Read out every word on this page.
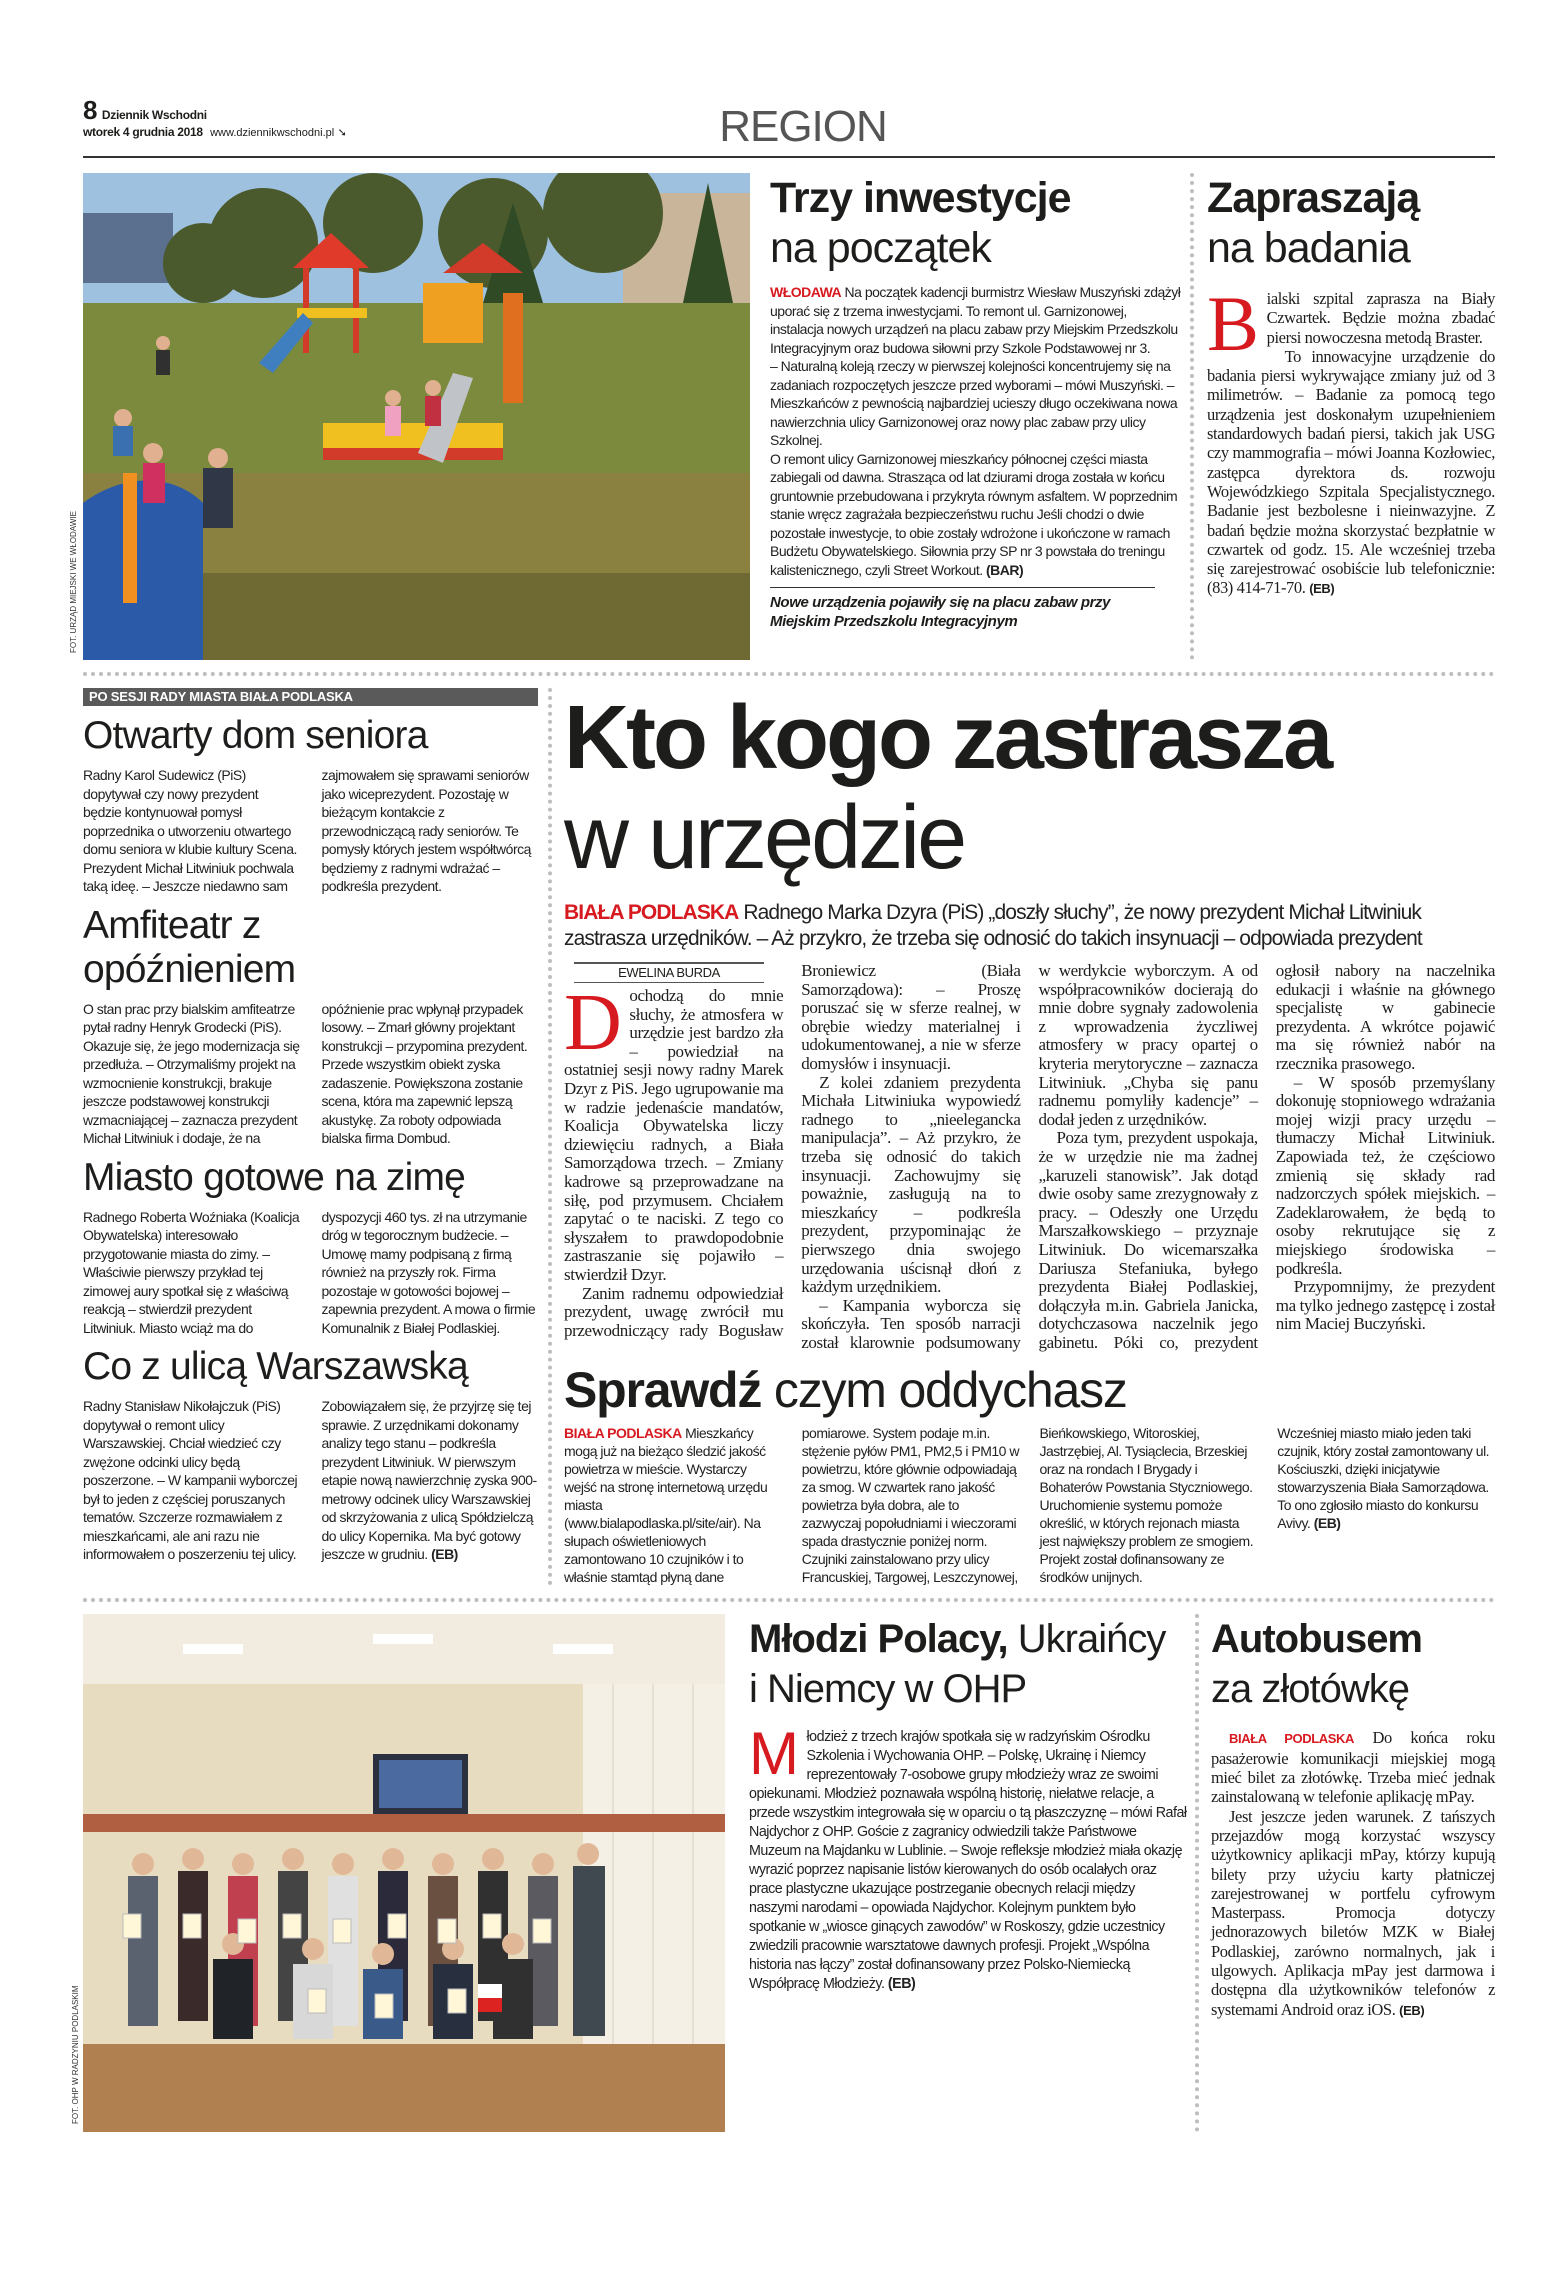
8 Dziennik Wschodni
wtorek 4 grudnia 2018 www.dziennikwschodni.pl ➘	REGION
FOT. URZĄD MIEJSKI WE WŁODAWIE
Trzy inwestycje
na początek

WŁODAWA Na początek kadencji burmistrz Wiesław Muszyński zdążył uporać się z trzema inwestycjami. To remont ul. Garnizonowej, instalacja nowych urządzeń na placu zabaw przy Miejskim Przedszkolu Integracyjnym oraz budowa siłowni przy Szkole Podstawowej nr 3.

– Naturalną koleją rzeczy w pierwszej kolejności koncentrujemy się na zadaniach rozpoczętych jeszcze przed wyborami – mówi Muszyński. – Mieszkańców z pewnością najbardziej ucieszy długo oczekiwana nowa nawierzchnia ulicy Garnizonowej oraz nowy plac zabaw przy ulicy Szkolnej.

O remont ulicy Garnizonowej mieszkańcy północnej części miasta zabiegali od dawna. Strasząca od lat dziurami droga została w końcu gruntownie przebudowana i przykryta równym asfaltem. W poprzednim stanie wręcz zagrażała bezpieczeństwu ruchu Jeśli chodzi o dwie pozostałe inwestycje, to obie zostały wdrożone i ukończone w ramach Budżetu Obywatelskiego. Siłownia przy SP nr 3 powstała do treningu kalistenicznego, czyli Street Workout. (BAR)

Nowe urządzenia pojawiły się na placu zabaw przy Miejskim Przedszkolu Integracyjnym
Zapraszają
na badania

Bialski szpital zaprasza na Biały Czwartek. Będzie można zbadać piersi nowoczesna metodą Braster.

To innowacyjne urządzenie do badania piersi wykrywające zmiany już od 3 milimetrów. – Badanie za pomocą tego urządzenia jest doskonałym uzupełnieniem standardowych badań piersi, takich jak USG czy mammografia – mówi Joanna Kozłowiec, zastępca dyrektora ds. rozwoju Wojewódzkiego Szpitala Specjalistycznego. Badanie jest bezbolesne i nieinwazyjne. Z badań będzie można skorzystać bezpłatnie w czwartek od godz. 15. Ale wcześniej trzeba się zarejestrować osobiście lub telefonicznie: (83) 414-71-70. (EB)

PO SESJI RADY MIASTA BIAŁA PODLASKA
Otwarty dom seniora
Radny Karol Sudewicz (PiS) dopytywał czy nowy prezydent będzie kontynuował pomysł poprzednika o utworzeniu otwartego domu seniora w klubie kultury Scena. Prezydent Michał Litwiniuk pochwala taką ideę. – Jeszcze niedawno sam zajmowałem się sprawami seniorów jako wiceprezydent. Pozostaję w bieżącym kontakcie z przewodniczącą rady seniorów. Te pomysły których jestem współtwórcą będziemy z radnymi wdrażać – podkreśla prezydent.
Amfiteatr z opóźnieniem
O stan prac przy bialskim amfiteatrze pytał radny Henryk Grodecki (PiS). Okazuje się, że jego modernizacja się przedłuża. – Otrzymaliśmy projekt na wzmocnienie konstrukcji, brakuje jeszcze podstawowej konstrukcji wzmacniającej – zaznacza prezydent Michał Litwiniuk i dodaje, że na opóźnienie prac wpłynął przypadek losowy. – Zmarł główny projektant konstrukcji – przypomina prezydent. Przede wszystkim obiekt zyska zadaszenie. Powiększona zostanie scena, która ma zapewnić lepszą akustykę. Za roboty odpowiada bialska firma Dombud.
Miasto gotowe na zimę
Radnego Roberta Woźniaka (Koalicja Obywatelska) interesowało przygotowanie miasta do zimy. – Właściwie pierwszy przykład tej zimowej aury spotkał się z właściwą reakcją – stwierdził prezydent Litwiniuk. Miasto wciąż ma do dyspozycji 460 tys. zł na utrzymanie dróg w tegorocznym budżecie. – Umowę mamy podpisaną z firmą również na przyszły rok. Firma pozostaje w gotowości bojowej – zapewnia prezydent. A mowa o firmie Komunalnik z Białej Podlaskiej.
Co z ulicą Warszawską
Radny Stanisław Nikołajczuk (PiS) dopytywał o remont ulicy Warszawskiej. Chciał wiedzieć czy zwężone odcinki ulicy będą poszerzone. – W kampanii wyborczej był to jeden z częściej poruszanych tematów. Szczerze rozmawiałem z mieszkańcami, ale ani razu nie informowałem o poszerzeniu tej ulicy. Zobowiązałem się, że przyjrzę się tej sprawie. Z urzędnikami dokonamy analizy tego stanu – podkreśla prezydent Litwiniuk. W pierwszym etapie nową nawierzchnię zyska 900-metrowy odcinek ulicy Warszawskiej od skrzyżowania z ulicą Spółdzielczą do ulicy Kopernika. Ma być gotowy jeszcze w grudniu. (EB)
Kto kogo zastrasza
w urzędzie
BIAŁA PODLASKA Radnego Marka Dzyra (PiS) „doszły słuchy”, że nowy prezydent Michał Litwiniuk zastrasza urzędników. – Aż przykro, że trzeba się odnosić do takich insynuacji – odpowiada prezydent
EWELINA BURDA

Dochodzą do mnie słuchy, że atmosfera w urzędzie jest bardzo zła – powiedział na ostatniej sesji nowy radny Marek Dzyr z PiS. Jego ugrupowanie ma w radzie jedenaście mandatów, Koalicja Obywatelska liczy dziewięciu radnych, a Biała Samorządowa trzech. – Zmiany kadrowe są przeprowadzane na siłę, pod przymusem. Chciałem zapytać o te naciski. Z tego co słyszałem to prawdopodobnie zastraszanie się pojawiło – stwierdził Dzyr.

Zanim radnemu odpowiedział prezydent, uwagę zwrócił mu przewodniczący rady Bogusław Broniewicz (Biała Samorządowa): – Proszę poruszać się w sferze realnej, w obrębie wiedzy materialnej i udokumentowanej, a nie w sferze domysłów i insynuacji.

Z kolei zdaniem prezydenta Michała Litwiniuka wypowiedź radnego to „nieelegancka manipulacja”. – Aż przykro, że trzeba się odnosić do takich insynuacji. Zachowujmy się poważnie, zasługują na to mieszkańcy – podkreśla prezydent, przypominając że pierwszego dnia swojego urzędowania uścisnął dłoń z każdym urzędnikiem.

– Kampania wyborcza się skończyła. Ten sposób narracji został klarownie podsumowany w werdykcie wyborczym. A od współpracowników docierają do mnie dobre sygnały zadowolenia z wprowadzenia życzliwej atmosfery w pracy opartej o kryteria merytoryczne – zaznacza Litwiniuk. „Chyba się panu radnemu pomyliły kadencje” – dodał jeden z urzędników.

Poza tym, prezydent uspokaja, że w urzędzie nie ma żadnej „karuzeli stanowisk”. Jak dotąd dwie osoby same zrezygnowały z pracy. – Odeszły one Urzędu Marszałkowskiego – przyznaje Litwiniuk. Do wicemarszałka Dariusza Stefaniuka, byłego prezydenta Białej Podlaskiej, dołączyła m.in. Gabriela Janicka, dotychczasowa naczelnik jego gabinetu. Póki co, prezydent ogłosił nabory na naczelnika edukacji i właśnie na głównego specjalistę w gabinecie prezydenta. A wkrótce pojawić ma się również nabór na rzecznika prasowego.

– W sposób przemyślany dokonuję stopniowego wdrażania mojej wizji pracy urzędu – tłumaczy Michał Litwiniuk. Zapowiada też, że częściowo zmienią się składy rad nadzorczych spółek miejskich. – Zadeklarowałem, że będą to osoby rekrutujące się z miejskiego środowiska – podkreśla.

Przypomnijmy, że prezydent ma tylko jednego zastępcę i został nim Maciej Buczyński.

Sprawdź czym oddychasz

BIAŁA PODLASKA Mieszkańcy mogą już na bieżąco śledzić jakość powietrza w mieście. Wystarczy wejść na stronę internetową urzędu miasta (www.bialapodlaska.pl/site/air). Na słupach oświetleniowych zamontowano 10 czujników i to właśnie stamtąd płyną dane pomiarowe. System podaje m.in. stężenie pyłów PM1, PM2,5 i PM10 w powietrzu, które głównie odpowiadają za smog. W czwartek rano jakość powietrza była dobra, ale to zazwyczaj popołudniami i wieczorami spada drastycznie poniżej norm. Czujniki zainstalowano przy ulicy Francuskiej, Targowej, Leszczynowej, Bieńkowskiego, Witoroskiej, Jastrzębiej, Al. Tysiąclecia, Brzeskiej oraz na rondach I Brygady i Bohaterów Powstania Styczniowego. Uruchomienie systemu pomoże określić, w których rejonach miasta jest największy problem ze smogiem.

Projekt został dofinansowany ze środków unijnych.

Wcześniej miasto miało jeden taki czujnik, który został zamontowany ul. Kościuszki, dzięki inicjatywie stowarzyszenia Biała Samorządowa. To ono zgłosiło miasto do konkursu Avivy. (EB)

FOT. OHP W RADZYNIU PODLASKIM
Młodzi Polacy, Ukraińcy
i Niemcy w OHP
Młodzież z trzech krajów spotkała się w radzyńskim Ośrodku Szkolenia i Wychowania OHP. – Polskę, Ukrainę i Niemcy reprezentowały 7-osobowe grupy młodzieży wraz ze swoimi opiekunami. Młodzież poznawała wspólną historię, niełatwe relacje, a przede wszystkim integrowała się w oparciu o tą płaszczyznę – mówi Rafał Najdychor z OHP. Goście z zagranicy odwiedzili także Państwowe Muzeum na Majdanku w Lublinie. – Swoje refleksje młodzież miała okazję wyrazić poprzez napisanie listów kierowanych do osób ocalałych oraz prace plastyczne ukazujące postrzeganie obecnych relacji między naszymi narodami – opowiada Najdychor. Kolejnym punktem było spotkanie w „wiosce ginących zawodów” w Roskoszy, gdzie uczestnicy zwiedzili pracownie warsztatowe dawnych profesji. Projekt „Wspólna historia nas łączy” został dofinansowany przez Polsko-Niemiecką Współpracę Młodzieży. (EB)
Autobusem
za złotówkę

BIAŁA PODLASKA Do końca roku pasażerowie komunikacji miejskiej mogą mieć bilet za złotówkę. Trzeba mieć jednak zainstalowaną w telefonie aplikację mPay.

Jest jeszcze jeden warunek. Z tańszych przejazdów mogą korzystać wszyscy użytkownicy aplikacji mPay, którzy kupują bilety przy użyciu karty płatniczej zarejestrowanej w portfelu cyfrowym Masterpass. Promocja dotyczy jednorazowych biletów MZK w Białej Podlaskiej, zarówno normalnych, jak i ulgowych. Aplikacja mPay jest darmowa i dostępna dla użytkowników telefonów z systemami Android oraz iOS. (EB)
